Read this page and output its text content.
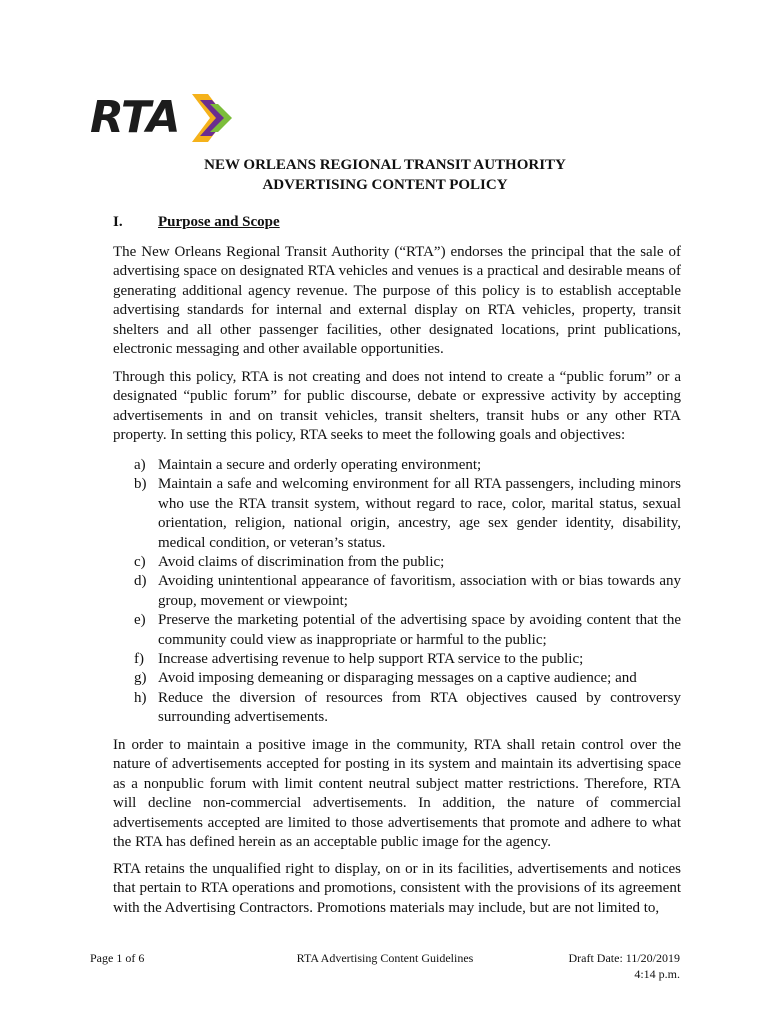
RTA
NEW ORLEANS REGIONAL TRANSIT AUTHORITY
ADVERTISING CONTENT POLICY
I. Purpose and Scope

The New Orleans Regional Transit Authority (“RTA”) endorses the principal that the sale of advertising space on designated RTA vehicles and venues is a practical and desirable means of generating additional agency revenue. The purpose of this policy is to establish acceptable advertising standards for internal and external display on RTA vehicles, property, transit shelters and all other passenger facilities, other designated locations, print publications, electronic messaging and other available opportunities.

Through this policy, RTA is not creating and does not intend to create a “public forum” or a designated “public forum” for public discourse, debate or expressive activity by accepting advertisements in and on transit vehicles, transit shelters, transit hubs or any other RTA property. In setting this policy, RTA seeks to meet the following goals and objectives:

a) Maintain a secure and orderly operating environment;
b) Maintain a safe and welcoming environment for all RTA passengers, including minors who use the RTA transit system, without regard to race, color, marital status, sexual orientation, religion, national origin, ancestry, age sex gender identity, disability, medical condition, or veteran’s status.
c) Avoid claims of discrimination from the public;
d) Avoiding unintentional appearance of favoritism, association with or bias towards any group, movement or viewpoint;
e) Preserve the marketing potential of the advertising space by avoiding content that the community could view as inappropriate or harmful to the public;
f) Increase advertising revenue to help support RTA service to the public;
g) Avoid imposing demeaning or disparaging messages on a captive audience; and
h) Reduce the diversion of resources from RTA objectives caused by controversy surrounding advertisements.

In order to maintain a positive image in the community, RTA shall retain control over the nature of advertisements accepted for posting in its system and maintain its advertising space as a nonpublic forum with limit content neutral subject matter restrictions. Therefore, RTA will decline non-commercial advertisements. In addition, the nature of commercial advertisements accepted are limited to those advertisements that promote and adhere to what the RTA has defined herein as an acceptable public image for the agency.

RTA retains the unqualified right to display, on or in its facilities, advertisements and notices that pertain to RTA operations and promotions, consistent with the provisions of its agreement with the Advertising Contractors. Promotions materials may include, but are not limited to,

Page 1 of 6	RTA Advertising Content Guidelines	Draft Date: 11/20/2019
4:14 p.m.
